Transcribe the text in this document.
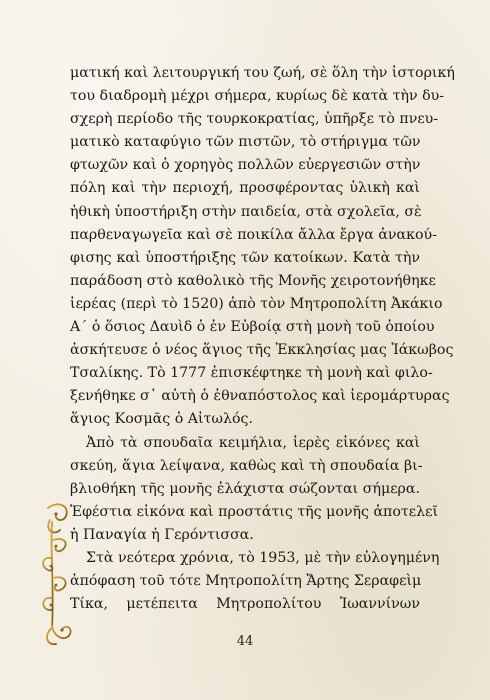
ματική καὶ λειτουργική του ζωή, σὲ ὅλη τὴν ἱστορική
του διαδρομὴ μέχρι σήμερα, κυρίως δὲ κατὰ τὴν δυ-
σχερὴ περίοδο τῆς τουρκοκρατίας, ὑπῆρξε τὸ πνευ-
ματικὸ καταφύγιο τῶν πιστῶν, τὸ στήριγμα τῶν
φτωχῶν καὶ ὁ χορηγὸς πολλῶν εὐεργεσιῶν στὴν
πόλη καὶ τὴν περιοχή, προσφέροντας ὑλικὴ καὶ
ἠθικὴ ὑποστήριξη στὴν παιδεία, στὰ σχολεῖα, σὲ
παρθεναγωγεῖα καὶ σὲ ποικίλα ἄλλα ἔργα ἀνακού-
φισης καὶ ὑποστήριξης τῶν κατοίκων. Κατὰ τὴν
παράδοση στὸ καθολικὸ τῆς Μονῆς χειροτονήθηκε
ἱερέας (περὶ τὸ 1520) ἀπὸ τὸν Μητροπολίτη Ἀκάκιο
Α΄ ὁ ὅσιος Δαυὶδ ὁ ἐν Εὐβοίᾳ στὴ μονὴ τοῦ ὁποίου
ἀσκήτευσε ὁ νέος ἅγιος τῆς Ἐκκλησίας μας Ἰάκωβος
Τσαλίκης. Τὸ 1777 ἐπισκέφτηκε τὴ μονὴ καὶ φιλο-
ξενήθηκε σ᾽ αὐτὴ ὁ ἐθναπόστολος καὶ ἱερομάρτυρας
ἅγιος Κοσμᾶς ὁ Αἰτωλός.
Ἀπὸ τὰ σπουδαῖα κειμήλια, ἱερὲς εἰκόνες καὶ
σκεύη, ἅγια λείψανα, καθὼς καὶ τὴ σπουδαία βι-
βλιοθήκη τῆς μονῆς ἐλάχιστα σώζονται σήμερα.
Ἐφέστια εἰκόνα καὶ προστάτις τῆς μονῆς ἀποτελεῖ
ἡ Παναγία ἡ Γερόντισσα.
Στὰ νεότερα χρόνια, τὸ 1953, μὲ τὴν εὐλογημένη
ἀπόφαση τοῦ τότε Μητροπολίτη Ἄρτης Σεραφεὶμ
Τίκα, μετέπειτα Μητροπολίτου Ἰωαννίνων
44
